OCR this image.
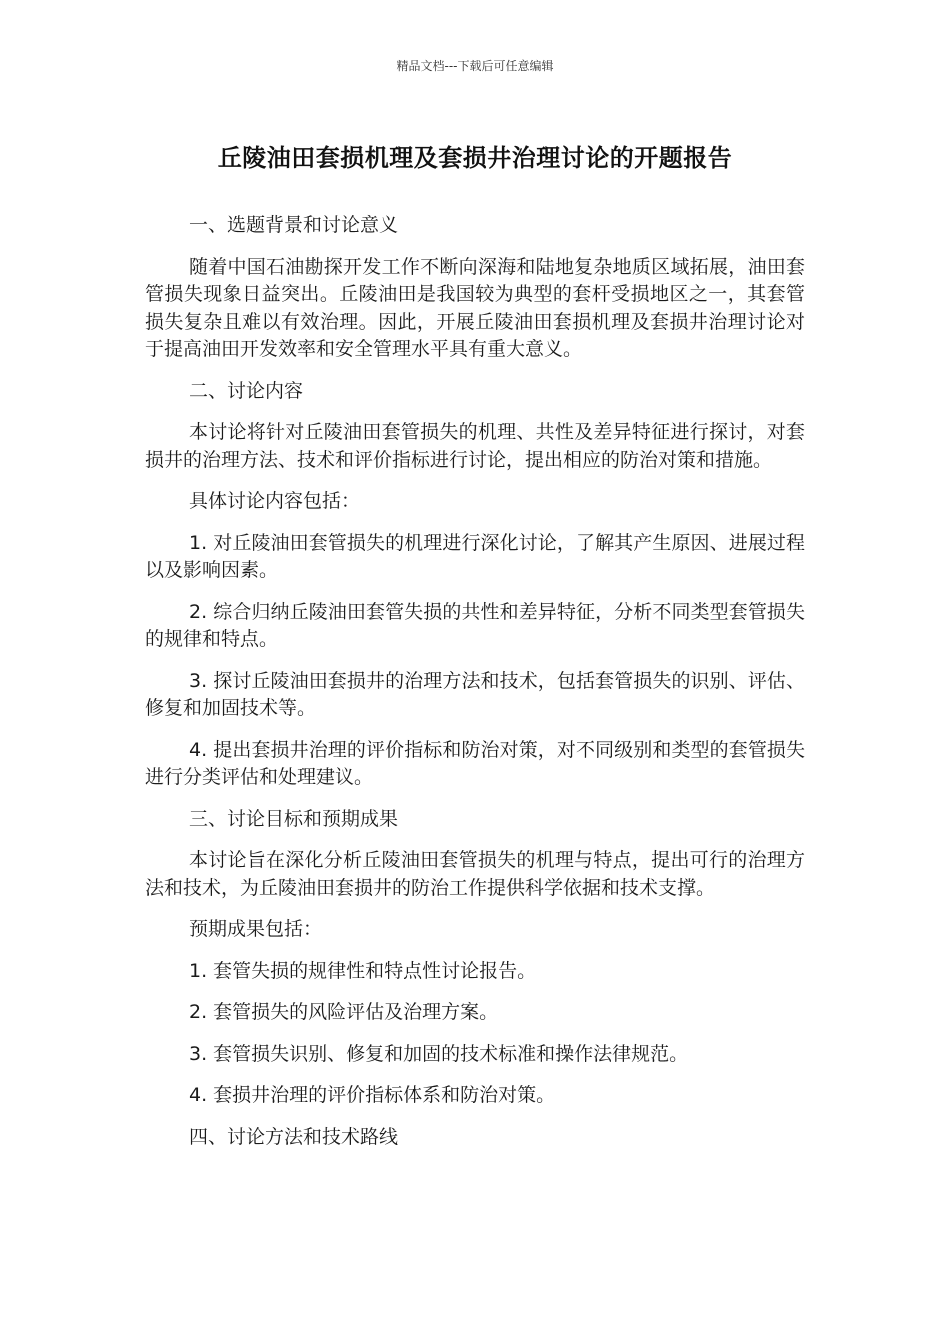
精品文档---下载后可任意编辑
丘陵油田套损机理及套损井治理讨论的开题报告

一、选题背景和讨论意义

随着中国石油勘探开发工作不断向深海和陆地复杂地质区域拓展，油田套管损失现象日益突出。丘陵油田是我国较为典型的套杆受损地区之一，其套管损失复杂且难以有效治理。因此，开展丘陵油田套损机理及套损井治理讨论对于提高油田开发效率和安全管理水平具有重大意义。

二、讨论内容

本讨论将针对丘陵油田套管损失的机理、共性及差异特征进行探讨，对套损井的治理方法、技术和评价指标进行讨论，提出相应的防治对策和措施。

具体讨论内容包括：

1. 对丘陵油田套管损失的机理进行深化讨论，了解其产生原因、进展过程以及影响因素。

2. 综合归纳丘陵油田套管失损的共性和差异特征，分析不同类型套管损失的规律和特点。

3. 探讨丘陵油田套损井的治理方法和技术，包括套管损失的识别、评估、修复和加固技术等。

4. 提出套损井治理的评价指标和防治对策，对不同级别和类型的套管损失进行分类评估和处理建议。

三、讨论目标和预期成果

本讨论旨在深化分析丘陵油田套管损失的机理与特点，提出可行的治理方法和技术，为丘陵油田套损井的防治工作提供科学依据和技术支撑。

预期成果包括：

1. 套管失损的规律性和特点性讨论报告。

2. 套管损失的风险评估及治理方案。

3. 套管损失识别、修复和加固的技术标准和操作法律规范。

4. 套损井治理的评价指标体系和防治对策。

四、讨论方法和技术路线
